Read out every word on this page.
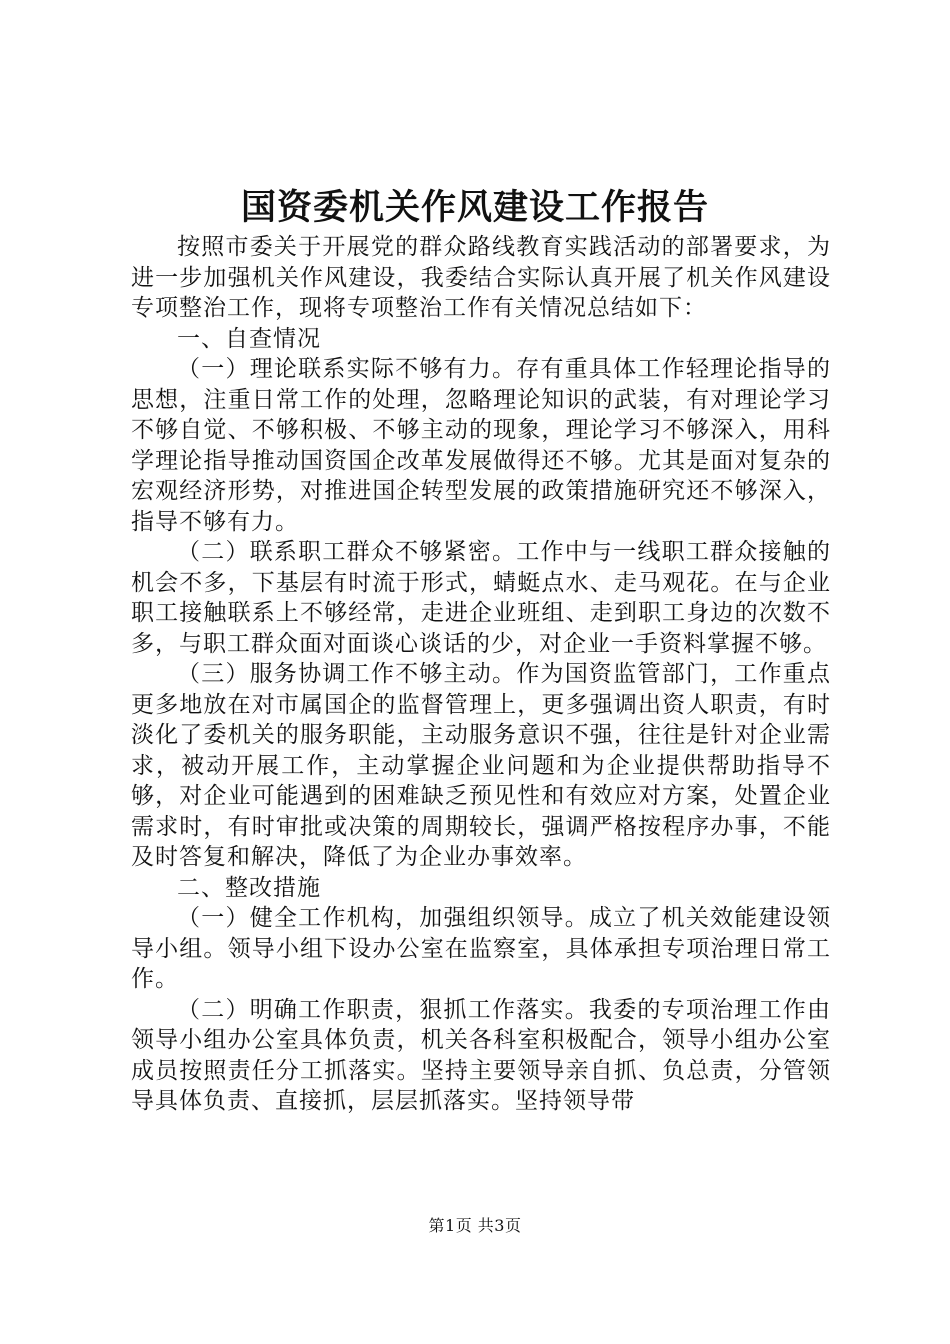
国资委机关作风建设工作报告

按照市委关于开展党的群众路线教育实践活动的部署要求，为进一步加强机关作风建设，我委结合实际认真开展了机关作风建设专项整治工作，现将专项整治工作有关情况总结如下：

一、自查情况

（一）理论联系实际不够有力。存有重具体工作轻理论指导的思想，注重日常工作的处理，忽略理论知识的武装，有对理论学习不够自觉、不够积极、不够主动的现象，理论学习不够深入，用科学理论指导推动国资国企改革发展做得还不够。尤其是面对复杂的宏观经济形势，对推进国企转型发展的政策措施研究还不够深入，指导不够有力。

（二）联系职工群众不够紧密。工作中与一线职工群众接触的机会不多，下基层有时流于形式，蜻蜓点水、走马观花。在与企业职工接触联系上不够经常，走进企业班组、走到职工身边的次数不多，与职工群众面对面谈心谈话的少，对企业一手资料掌握不够。

（三）服务协调工作不够主动。作为国资监管部门，工作重点更多地放在对市属国企的监督管理上，更多强调出资人职责，有时淡化了委机关的服务职能，主动服务意识不强，往往是针对企业需求，被动开展工作，主动掌握企业问题和为企业提供帮助指导不够，对企业可能遇到的困难缺乏预见性和有效应对方案，处置企业需求时，有时审批或决策的周期较长，强调严格按程序办事，不能及时答复和解决，降低了为企业办事效率。

二、整改措施

（一）健全工作机构，加强组织领导。成立了机关效能建设领导小组。领导小组下设办公室在监察室，具体承担专项治理日常工作。

（二）明确工作职责，狠抓工作落实。我委的专项治理工作由领导小组办公室具体负责，机关各科室积极配合，领导小组办公室成员按照责任分工抓落实。坚持主要领导亲自抓、负总责，分管领导具体负责、直接抓，层层抓落实。坚持领导带

第1页 共3页
